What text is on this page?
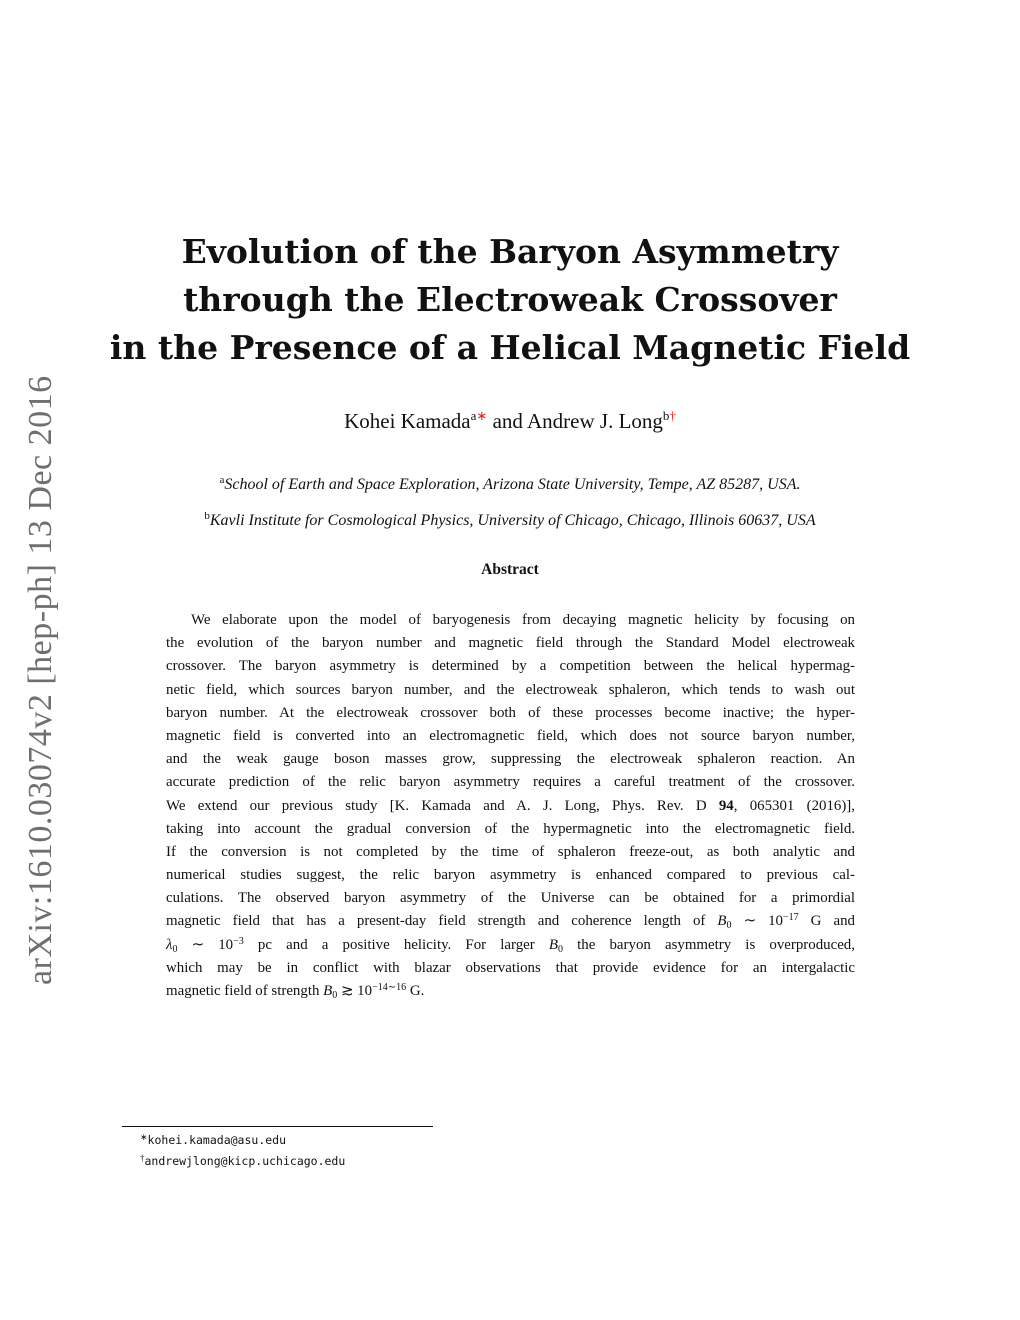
arXiv:1610.03074v2 [hep-ph] 13 Dec 2016
Evolution of the Baryon Asymmetry
through the Electroweak Crossover
in the Presence of a Helical Magnetic Field
Kohei Kamada$^{a∗}$ and Andrew J. Long$^{b\dagger}$
$^a$School of Earth and Space Exploration, Arizona State University, Tempe, AZ 85287, USA.
$^b$Kavli Institute for Cosmological Physics, University of Chicago, Chicago, Illinois 60637, USA
Abstract
We elaborate upon the model of baryogenesis from decaying magnetic helicity by focusing on
the evolution of the baryon number and magnetic field through the Standard Model electroweak
crossover. The baryon asymmetry is determined by a competition between the helical hypermag-
netic field, which sources baryon number, and the electroweak sphaleron, which tends to wash out
baryon number. At the electroweak crossover both of these processes become inactive; the hyper-
magnetic field is converted into an electromagnetic field, which does not source baryon number,
and the weak gauge boson masses grow, suppressing the electroweak sphaleron reaction. An
accurate prediction of the relic baryon asymmetry requires a careful treatment of the crossover.
We extend our previous study [K. Kamada and A. J. Long, Phys. Rev. D 94, 065301 (2016)],
taking into account the gradual conversion of the hypermagnetic into the electromagnetic field.
If the conversion is not completed by the time of sphaleron freeze-out, as both analytic and
numerical studies suggest, the relic baryon asymmetry is enhanced compared to previous cal-
culations. The observed baryon asymmetry of the Universe can be obtained for a primordial
magnetic field that has a present-day field strength and coherence length of $B_0$ ∼ $10^{-17}$ G and
$\lambda_0$ ∼ $10^{-3}$ pc and a positive helicity. For larger $B_0$ the baryon asymmetry is overproduced,
which may be in conflict with blazar observations that provide evidence for an intergalactic
magnetic field of strength $B_0$ ≳ $10^{-14\sim 16}$ G.
∗kohei.kamada@asu.edu
†andrewjlong@kicp.uchicago.edu
